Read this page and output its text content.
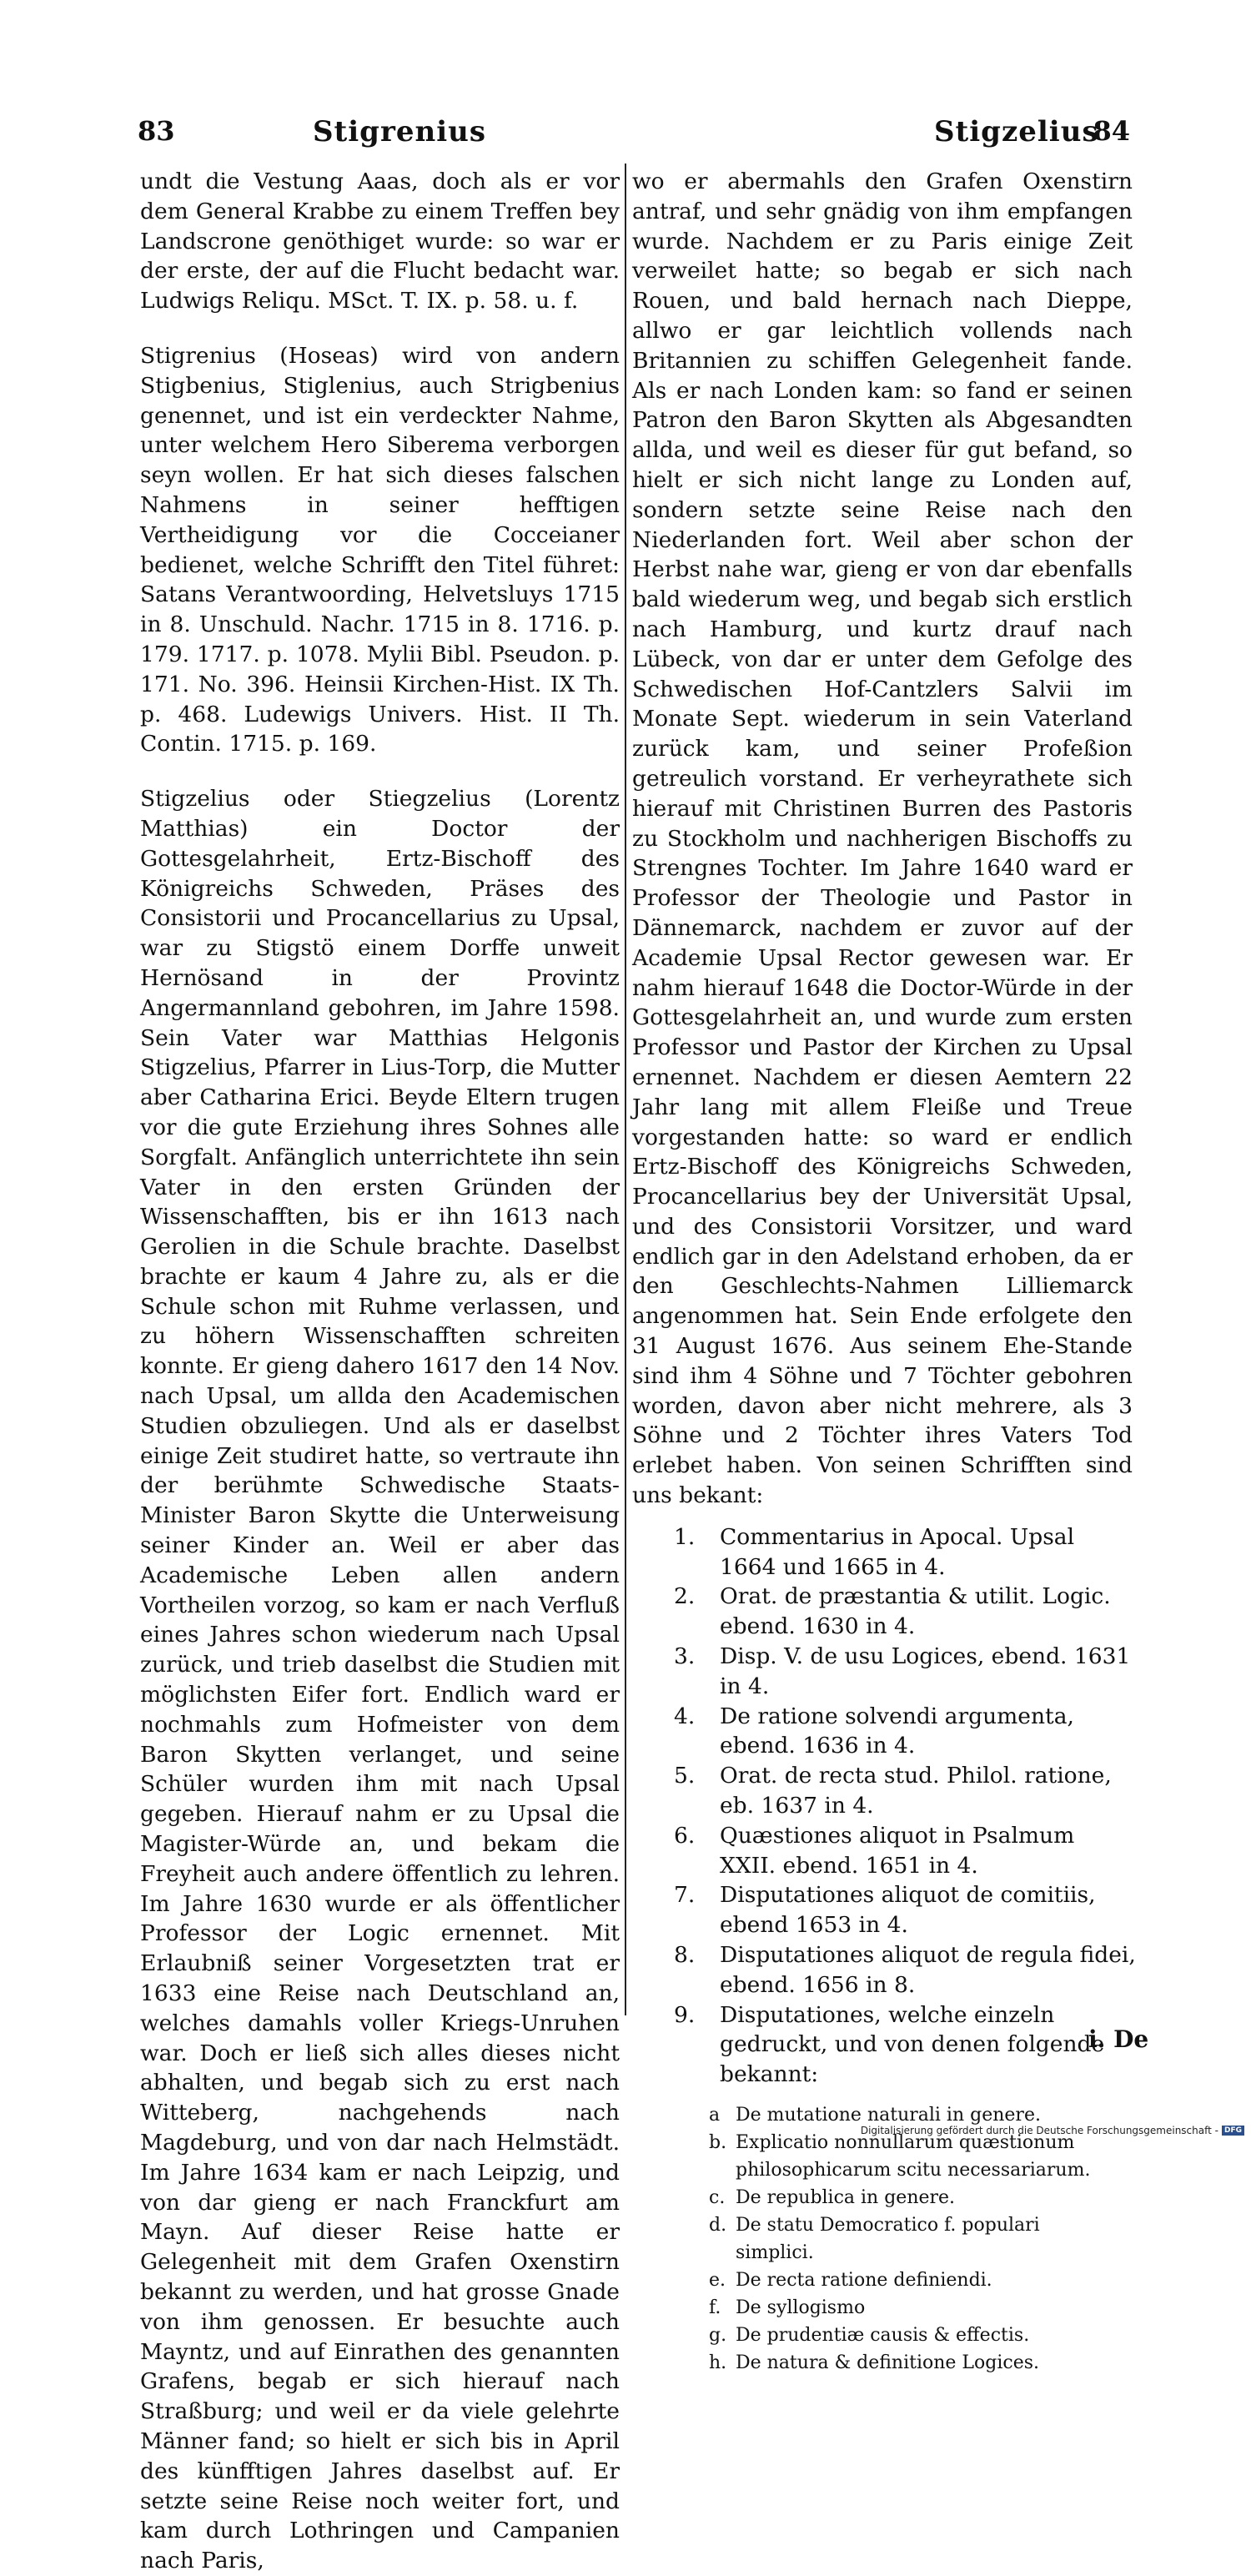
83	Stigrenius	Stigzelius
84

undt die Vestung Aaas, doch als er vor dem General Krabbe zu einem Treffen bey Landscrone genöthiget wurde: so war er der erste, der auf die Flucht bedacht war. Ludwigs Reliqu. MSct. T. IX. p. 58. u. f.

Stigrenius (Hoseas) wird von andern Stigbenius, Stiglenius, auch Strigbenius genennet, und ist ein verdeckter Nahme, unter welchem Hero Siberema verborgen seyn wollen. Er hat sich dieses falschen Nahmens in seiner hefftigen Vertheidigung vor die Cocceianer bedienet, welche Schrifft den Titel führet: Satans Verantwoording, Helvetsluys 1715 in 8. Unschuld. Nachr. 1715 in 8. 1716. p. 179. 1717. p. 1078. Mylii Bibl. Pseudon. p. 171. No. 396. Heinsii Kirchen-Hist. IX Th. p. 468. Ludewigs Univers. Hist. II Th. Contin. 1715. p. 169.

Stigzelius oder Stiegzelius (Lorentz Matthias) ein Doctor der Gottesgelahrheit, Ertz-Bischoff des Königreichs Schweden, Präses des Consistorii und Procancellarius zu Upsal, war zu Stigstö einem Dorffe unweit Hernösand in der Provintz Angermannland gebohren, im Jahre 1598. Sein Vater war Matthias Helgonis Stigzelius, Pfarrer in Lius-Torp, die Mutter aber Catharina Erici. Beyde Eltern trugen vor die gute Erziehung ihres Sohnes alle Sorgfalt. Anfänglich unterrichtete ihn sein Vater in den ersten Gründen der Wissenschafften, bis er ihn 1613 nach Gerolien in die Schule brachte. Daselbst brachte er kaum 4 Jahre zu, als er die Schule schon mit Ruhme verlassen, und zu höhern Wissenschafften schreiten konnte. Er gieng daherο 1617 den 14 Nov. nach Upsal, um allda den Academischen Studien obzuliegen. Und als er daselbst einige Zeit studiret hatte, so vertraute ihn der berühmte Schwedische Staats-Minister Baron Skytte die Unterweisung seiner Kinder an. Weil er aber das Academische Leben allen andern Vortheilen vorzog, so kam er nach Verfluß eines Jahres schon wiederum nach Upsal zurück, und trieb daselbst die Studien mit möglichsten Eifer fort. Endlich ward er nochmahls zum Hofmeister von dem Baron Skytten verlanget, und seine Schüler wurden ihm mit nach Upsal gegeben. Hierauf nahm er zu Upsal die Magister-Würde an, und bekam die Freyheit auch andere öffentlich zu lehren. Im Jahre 1630 wurde er als öffentlicher Professor der Logic ernennet. Mit Erlaubniß seiner Vorgesetzten trat er 1633 eine Reise nach Deutschland an, welches damahls voller Kriegs-Unruhen war. Doch er ließ sich alles dieses nicht abhalten, und begab sich zu erst nach Witteberg, nachgehends nach Magdeburg, und von dar nach Helmstädt. Im Jahre 1634 kam er nach Leipzig, und von dar gieng er nach Franckfurt am Mayn. Auf dieser Reise hatte er Gelegenheit mit dem Grafen Oxenstirn bekannt zu werden, und hat grosse Gnade von ihm genossen. Er besuchte auch Mayntz, und auf Einrathen des genannten Grafens, begab er sich hierauf nach Straßburg; und weil er da viele gelehrte Männer fand; so hielt er sich bis in April des künfftigen Jahres daselbst auf. Er setzte seine Reise noch weiter fort, und kam durch Lothringen und Campanien nach Paris,

wo er abermahls den Grafen Oxenstirn antraf, und sehr gnädig von ihm empfangen wurde. Nachdem er zu Paris einige Zeit verweilet hatte; so begab er sich nach Rouen, und bald hernach nach Dieppe, allwo er gar leichtlich vollends nach Britannien zu schiffen Gelegenheit fande. Als er nach Londen kam: so fand er seinen Patron den Baron Skytten als Abgesandten allda, und weil es dieser für gut befand, so hielt er sich nicht lange zu Londen auf, sondern setzte seine Reise nach den Niederlanden fort. Weil aber schon der Herbst nahe war, gieng er von dar ebenfalls bald wiederum weg, und begab sich erstlich nach Hamburg, und kurtz drauf nach Lübeck, von dar er unter dem Gefolge des Schwedischen Hof-Cantzlers Salvii im Monate Sept. wiederum in sein Vaterland zurück kam, und seiner Profeßion getreulich vorstand. Er verheyrathete sich hierauf mit Christinen Burren des Pastoris zu Stockholm und nachherigen Bischoffs zu Strengnes Tochter. Im Jahre 1640 ward er Professor der Theologie und Pastor in Dännemarck, nachdem er zuvor auf der Academie Upsal Rector gewesen war. Er nahm hierauf 1648 die Doctor-Würde in der Gottesgelahrheit an, und wurde zum ersten Professor und Pastor der Kirchen zu Upsal ernennet. Nachdem er diesen Aemtern 22 Jahr lang mit allem Fleiße und Treue vorgestanden hatte: so ward er endlich Ertz-Bischoff des Königreichs Schweden, Procancellarius bey der Universität Upsal, und des Consistorii Vorsitzer, und ward endlich gar in den Adelstand erhoben, da er den Geschlechts-Nahmen Lilliemarck angenommen hat. Sein Ende erfolgete den 31 August 1676. Aus seinem Ehe-Stande sind ihm 4 Söhne und 7 Töchter gebohren worden, davon aber nicht mehrere, als 3 Söhne und 2 Töchter ihres Vaters Tod erlebet haben. Von seinen Schrifften sind uns bekant:

1. Commentarius in Apocal. Upsal 1664 und 1665 in 4.
2. Orat. de præstantia & utilit. Logic. ebend. 1630 in 4.
3. Disp. V. de usu Logices, ebend. 1631 in 4.
4. De ratione solvendi argumenta, ebend. 1636 in 4.
5. Orat. de recta stud. Philol. ratione, eb. 1637 in 4.
6. Quæstiones aliquot in Psalmum XXII. ebend. 1651 in 4.
7. Disputationes aliquot de comitiis, ebend 1653 in 4.
8. Disputationes aliquot de regula fidei, ebend. 1656 in 8.
9. Disputationes, welche einzeln gedruckt, und von denen folgende bekannt:
a De mutatione naturali in genere.
b. Explicatio nonnullarum quæstionum philosophicarum scitu necessariarum.
c. De republica in genere.
d. De statu Democratico f. populari simplici.
e. De recta ratione definiendi.
f. De syllogismo
g. De prudentiæ causis & effectis.
h. De natura & definitione Logices.
i. De
Digitalisierung gefördert durch die Deutsche Forschungsgemeinschaft - DFG
